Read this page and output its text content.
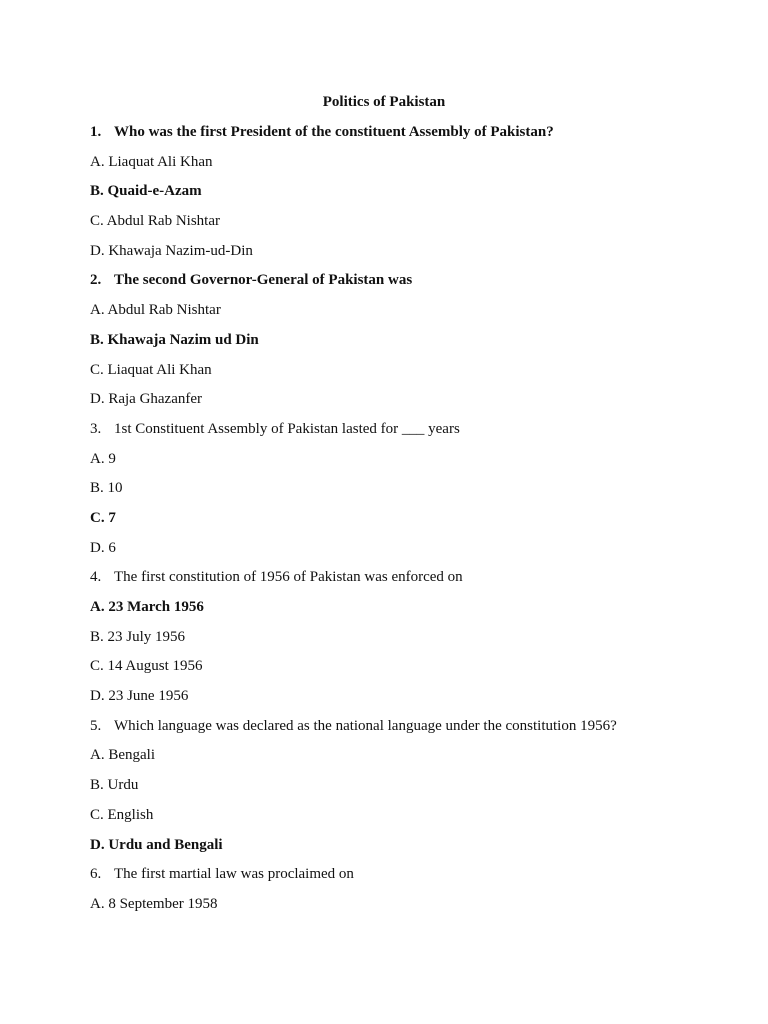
Politics of Pakistan
1. Who was the first President of the constituent Assembly of Pakistan?
A. Liaquat Ali Khan
B. Quaid-e-Azam
C. Abdul Rab Nishtar
D. Khawaja Nazim-ud-Din
2. The second Governor-General of Pakistan was
A. Abdul Rab Nishtar
B. Khawaja Nazim ud Din
C. Liaquat Ali Khan
D. Raja Ghazanfer
3. 1st Constituent Assembly of Pakistan lasted for ___ years
A. 9
B. 10
C. 7
D. 6
4. The first constitution of 1956 of Pakistan was enforced on
A. 23 March 1956
B. 23 July 1956
C. 14 August 1956
D. 23 June 1956
5. Which language was declared as the national language under the constitution 1956?
A. Bengali
B. Urdu
C. English
D. Urdu and Bengali
6. The first martial law was proclaimed on
A. 8 September 1958
